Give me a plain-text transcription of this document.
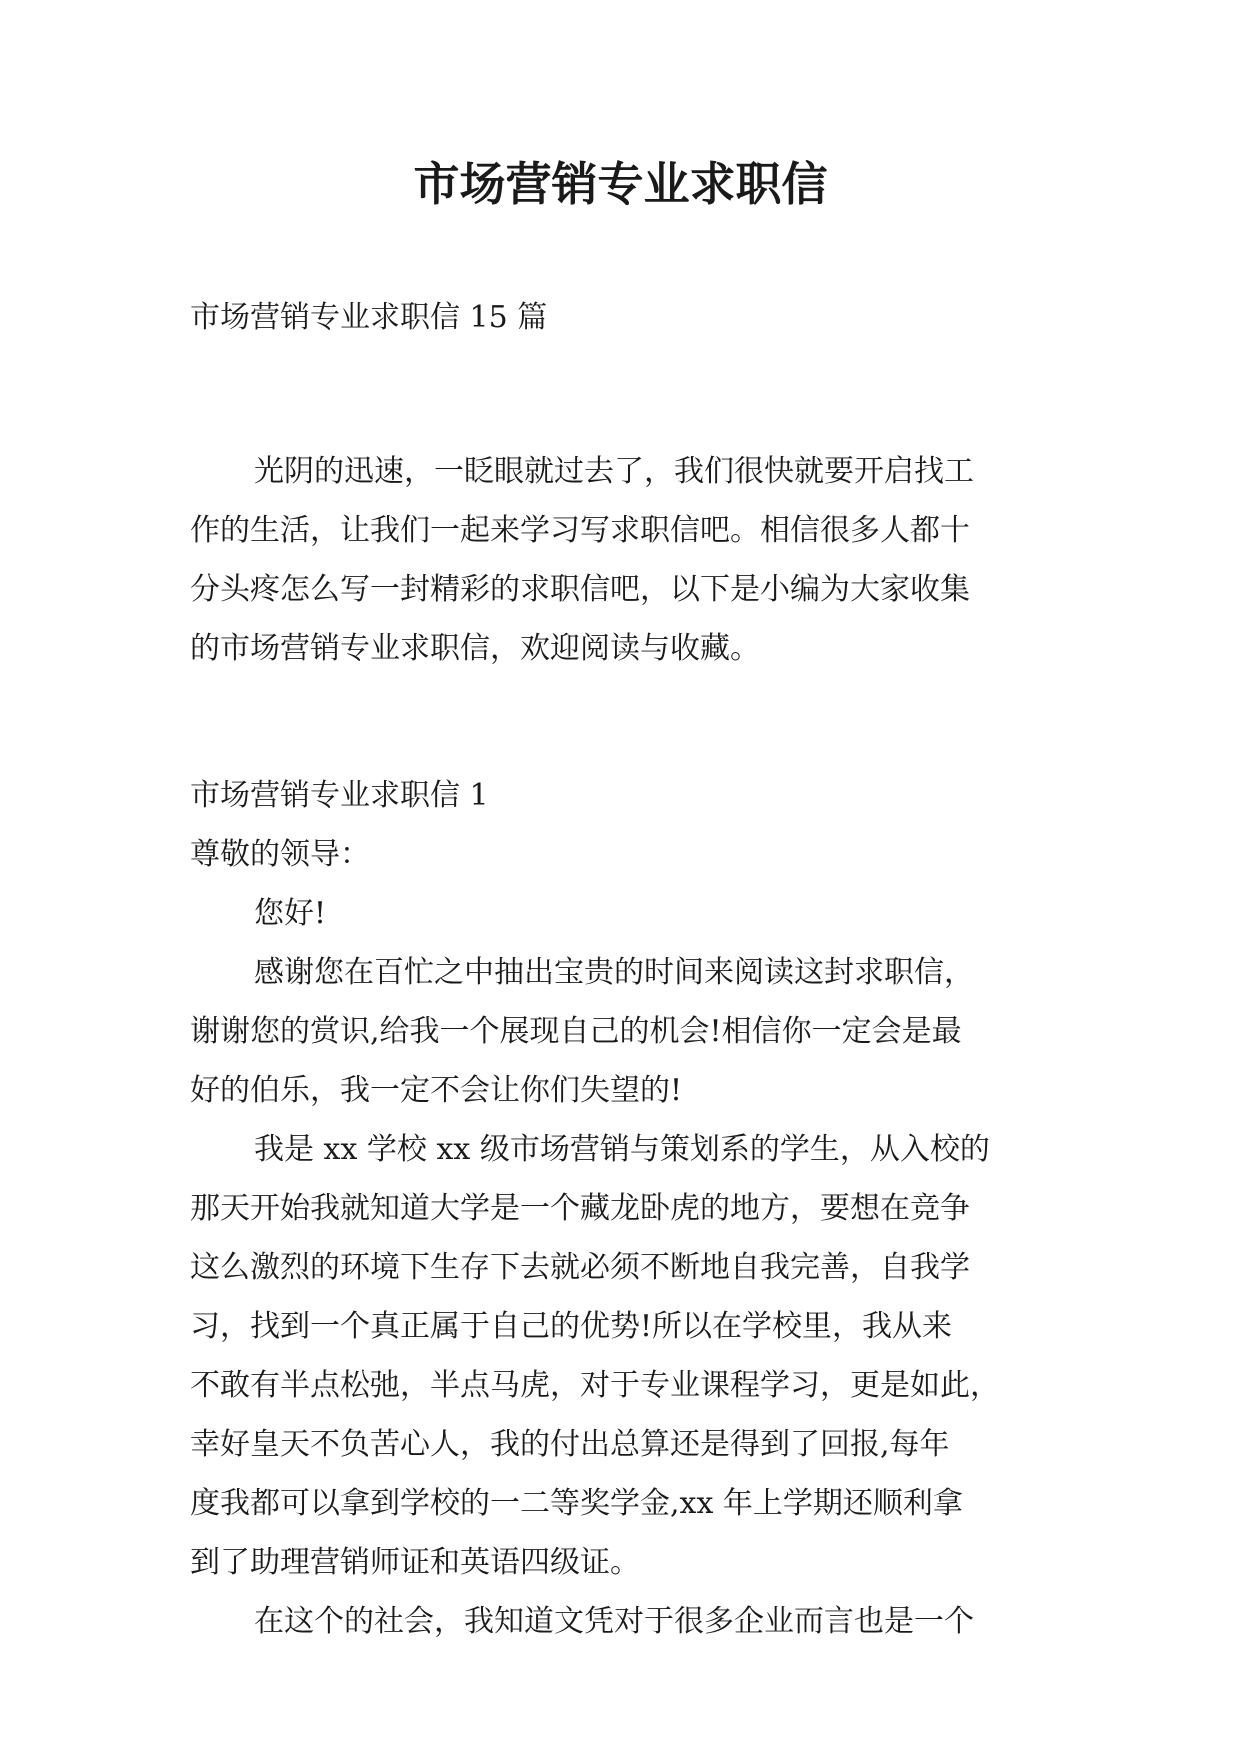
市场营销专业求职信

市场营销专业求职信 15 篇

光阴的迅速，一眨眼就过去了，我们很快就要开启找工

作的生活，让我们一起来学习写求职信吧。相信很多人都十

分头疼怎么写一封精彩的求职信吧，以下是小编为大家收集

的市场营销专业求职信，欢迎阅读与收藏。

市场营销专业求职信 1

尊敬的领导：

您好!

感谢您在百忙之中抽出宝贵的时间来阅读这封求职信，

谢谢您的赏识,给我一个展现自己的机会!相信你一定会是最

好的伯乐，我一定不会让你们失望的!

我是 xx 学校 xx 级市场营销与策划系的学生，从入校的

那天开始我就知道大学是一个藏龙卧虎的地方，要想在竞争

这么激烈的环境下生存下去就必须不断地自我完善，自我学

习，找到一个真正属于自己的优势!所以在学校里，我从来

不敢有半点松弛，半点马虎，对于专业课程学习，更是如此，

幸好皇天不负苦心人，我的付出总算还是得到了回报,每年

度我都可以拿到学校的一二等奖学金,xx 年上学期还顺利拿

到了助理营销师证和英语四级证。

在这个的社会，我知道文凭对于很多企业而言也是一个
